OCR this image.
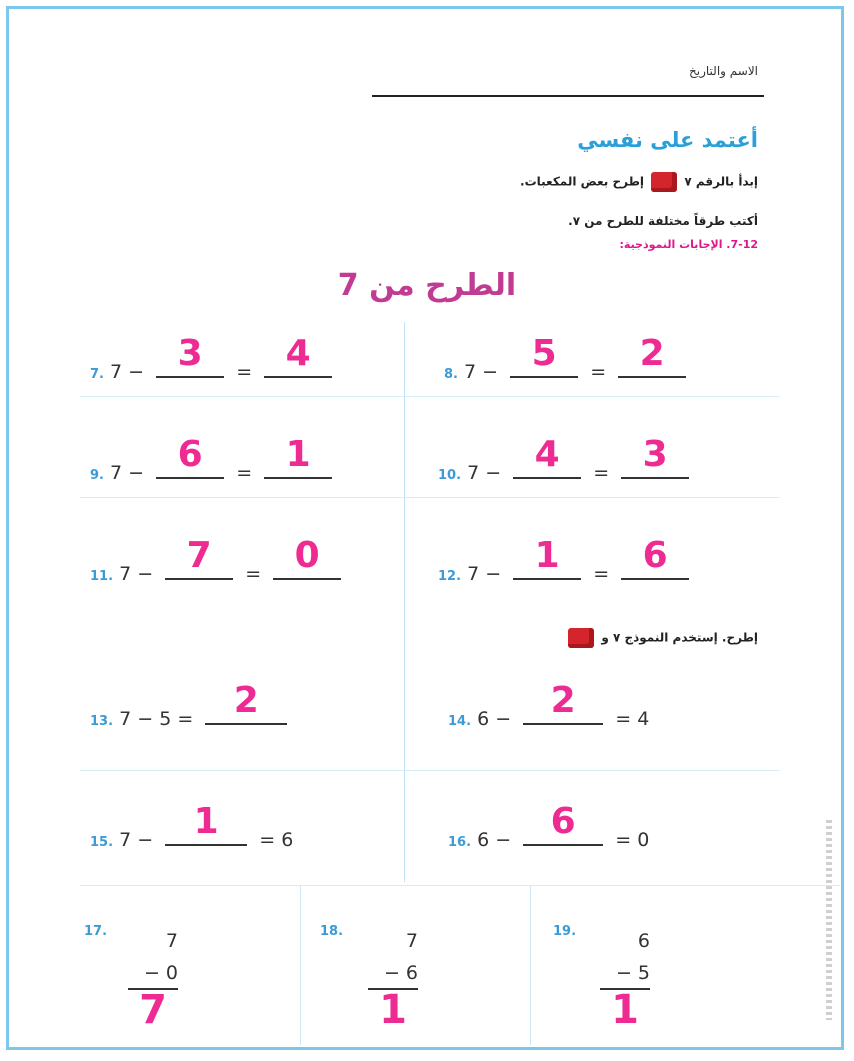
الاسم والتاريخ
أعتمد على نفسي
إبدأ بالرقم ٧  إطرح بعض المكعبات.
أكتب طرقاً مختلفة للطرح من ٧.
7-12. الإجابات النموذجية:
الطرح من 7
7. 7 − 3	= 4
8. 7 − 5	= 2
9. 7 − 6	= 1
10. 7 − 4	= 3
11. 7 − 7	= 0
12. 7 − 1	= 6
إطرح. إستخدم النموذج ٧ و
13. 7 − 5 =	2
14. 6 −	2	= 4
15. 7 −	1	= 6	16. 6 −	6	= 0
17.	7
− 0
7
18.	7
− 6
1
19.	6
− 5
1
